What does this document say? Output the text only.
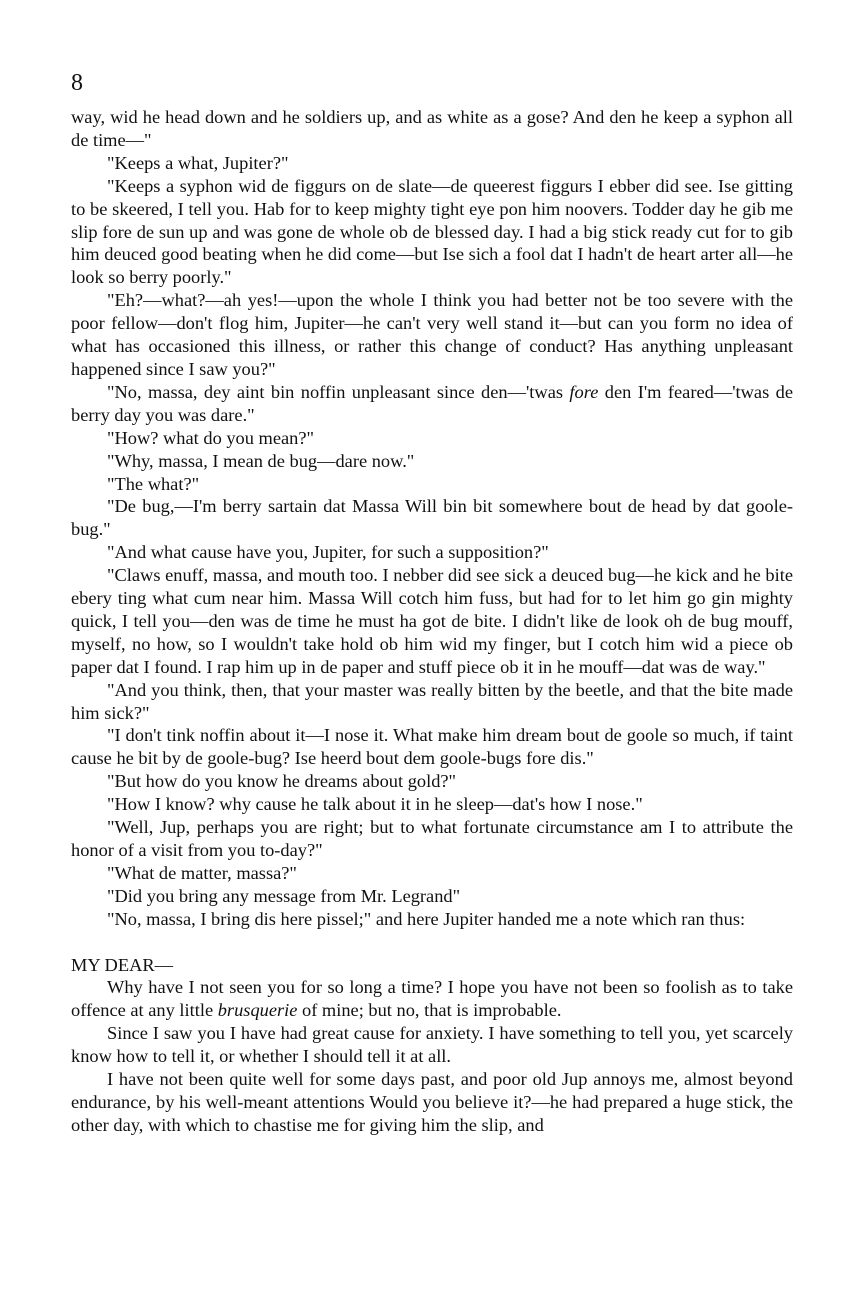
8

way, wid he head down and he soldiers up, and as white as a gose? And den he keep a syphon all de time—"

"Keeps a what, Jupiter?"

"Keeps a syphon wid de figgurs on de slate—de queerest figgurs I ebber did see. Ise gitting to be skeered, I tell you. Hab for to keep mighty tight eye pon him noovers. Todder day he gib me slip fore de sun up and was gone de whole ob de blessed day. I had a big stick ready cut for to gib him deuced good beating when he did come—but Ise sich a fool dat I hadn't de heart arter all—he look so berry poorly."

"Eh?—what?—ah yes!—upon the whole I think you had better not be too severe with the poor fellow—don't flog him, Jupiter—he can't very well stand it—but can you form no idea of what has occasioned this illness, or rather this change of conduct? Has anything unpleasant happened since I saw you?"

"No, massa, dey aint bin noffin unpleasant since den—'twas fore den I'm feared—'twas de berry day you was dare."

"How? what do you mean?"

"Why, massa, I mean de bug—dare now."

"The what?"

"De bug,—I'm berry sartain dat Massa Will bin bit somewhere bout de head by dat goole-bug."

"And what cause have you, Jupiter, for such a supposition?"

"Claws enuff, massa, and mouth too. I nebber did see sick a deuced bug—he kick and he bite ebery ting what cum near him. Massa Will cotch him fuss, but had for to let him go gin mighty quick, I tell you—den was de time he must ha got de bite. I didn't like de look oh de bug mouff, myself, no how, so I wouldn't take hold ob him wid my finger, but I cotch him wid a piece ob paper dat I found. I rap him up in de paper and stuff piece ob it in he mouff—dat was de way."

"And you think, then, that your master was really bitten by the beetle, and that the bite made him sick?"

"I don't tink noffin about it—I nose it. What make him dream bout de goole so much, if taint cause he bit by de goole-bug? Ise heerd bout dem goole-bugs fore dis."

"But how do you know he dreams about gold?"

"How I know? why cause he talk about it in he sleep—dat's how I nose."

"Well, Jup, perhaps you are right; but to what fortunate circumstance am I to attribute the honor of a visit from you to-day?"

"What de matter, massa?"

"Did you bring any message from Mr. Legrand"

"No, massa, I bring dis here pissel;" and here Jupiter handed me a note which ran thus:

MY DEAR—

Why have I not seen you for so long a time? I hope you have not been so foolish as to take offence at any little brusquerie of mine; but no, that is improbable.

Since I saw you I have had great cause for anxiety. I have something to tell you, yet scarcely know how to tell it, or whether I should tell it at all.

I have not been quite well for some days past, and poor old Jup annoys me, almost beyond endurance, by his well-meant attentions Would you believe it?—he had prepared a huge stick, the other day, with which to chastise me for giving him the slip, and
